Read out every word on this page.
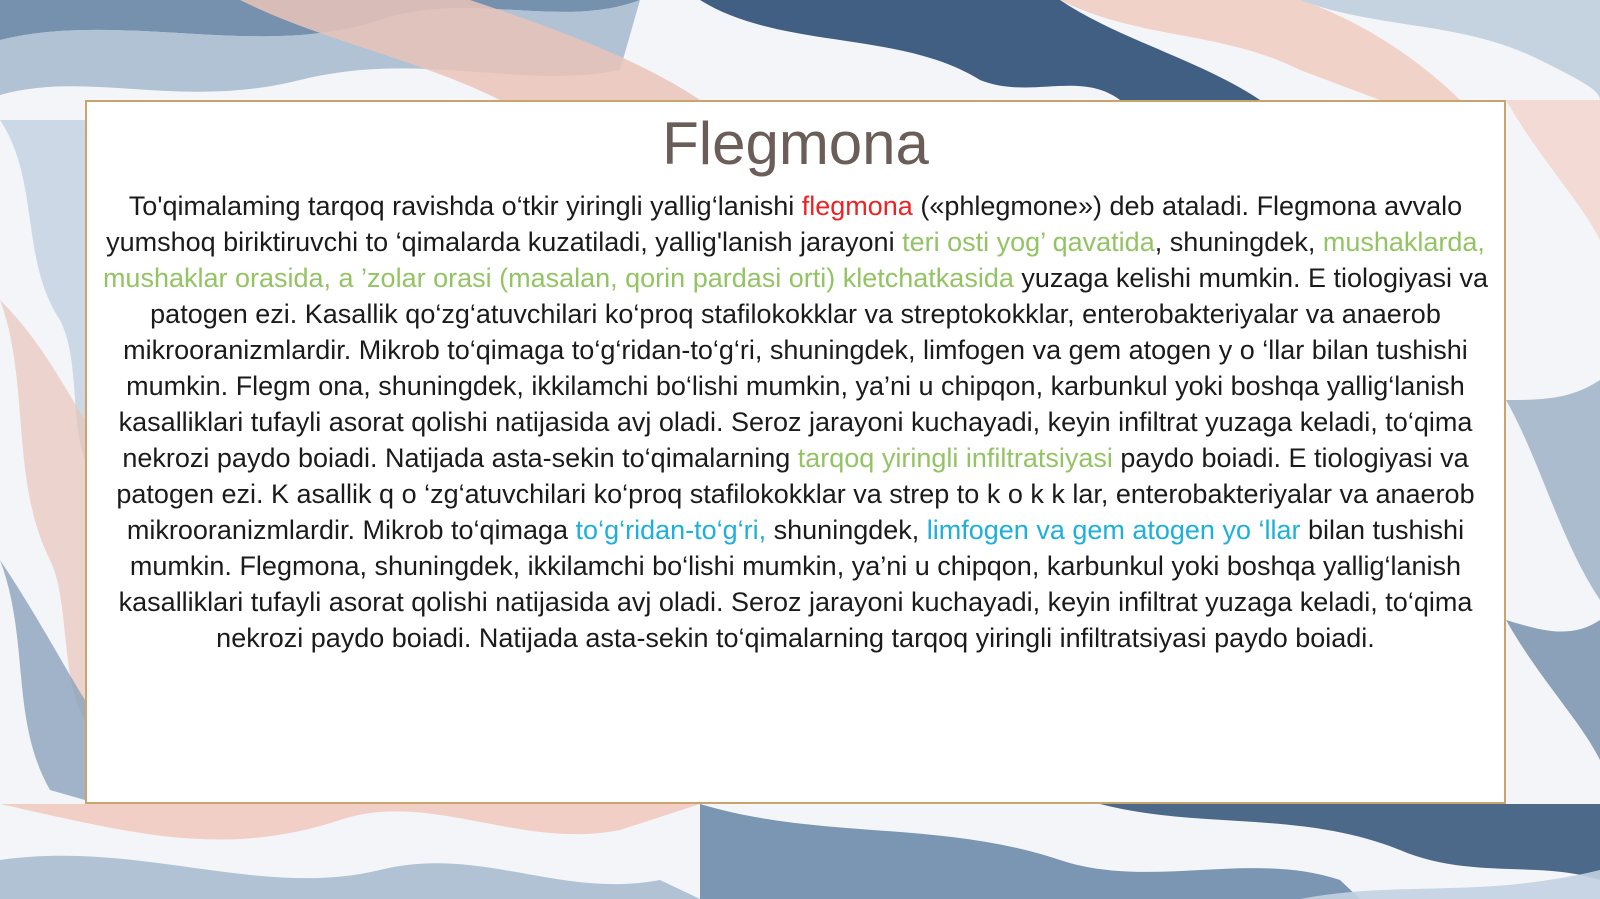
Flegmona
To'qimalaming tarqoq ravishda o‘tkir yiringli yallig‘lanishi flegmona («phlegmone») deb ataladi. Flegmona avvalo yumshoq biriktiruvchi to ‘qimalarda kuzatiladi, yallig'lanish jarayoni teri osti yog’ qavatida, shuningdek, mushaklarda, mushaklar orasida, a ’zolar orasi (masalan, qorin pardasi orti) kletchatkasida yuzaga kelishi mumkin. E tiologiyasi va patogen ezi. Kasallik qo‘zg‘atuvchilari ko‘proq stafilokokklar va streptokokklar, enterobakteriyalar va anaerob mikrooranizmlardir. Mikrob to‘qimaga to‘g‘ridan-to‘g‘ri, shuningdek, limfogen va gem atogen y o ‘llar bilan tushishi mumkin. Flegm ona, shuningdek, ikkilamchi bo‘lishi mumkin, ya’ni u chipqon, karbunkul yoki boshqa yallig‘lanish kasalliklari tufayli asorat qolishi natijasida avj oladi. Seroz jarayoni kuchayadi, keyin infiltrat yuzaga keladi, to‘qima nekrozi paydo boiadi. Natijada asta-sekin to‘qimalarning tarqoq yiringli infiltratsiyasi paydo boiadi. E tiologiyasi va patogen ezi. K asallik q o ‘zg‘atuvchilari ko‘proq stafilokokklar va strep to k o k k lar, enterobakteriyalar va anaerob mikrooranizmlardir. Mikrob to‘qimaga to‘g‘ridan-to‘g‘ri, shuningdek, limfogen va gem atogen yo ‘llar bilan tushishi mumkin. Flegmona, shuningdek, ikkilamchi bo‘lishi mumkin, ya’ni u chipqon, karbunkul yoki boshqa yallig‘lanish kasalliklari tufayli asorat qolishi natijasida avj oladi. Seroz jarayoni kuchayadi, keyin infiltrat yuzaga keladi, to‘qima nekrozi paydo boiadi. Natijada asta-sekin to‘qimalarning tarqoq yiringli infiltratsiyasi paydo boiadi.
